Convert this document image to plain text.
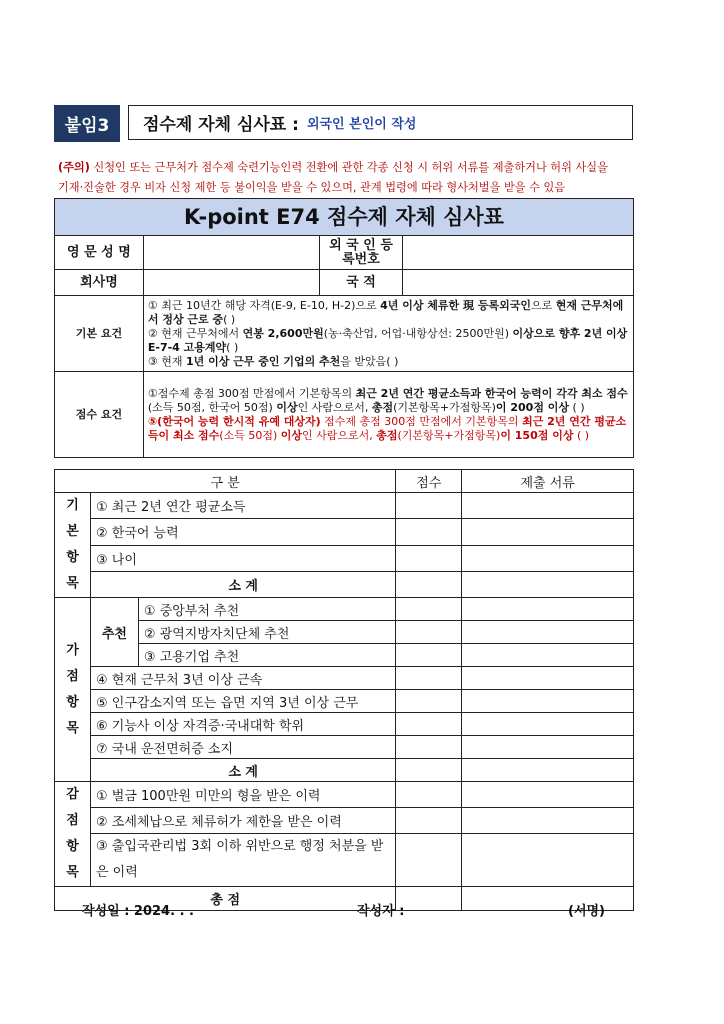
붙임3	점수제 자체 심사표 : 외국인 본인이 작성
(주의) 신청인 또는 근무처가 점수제 숙련기능인력 전환에 관한 각종 신청 시 허위 서류를 제출하거나 허위 사실을
기재·진술한 경우 비자 신청 제한 등 불이익을 받을 수 있으며, 관계 법령에 따라 형사처벌을 받을 수 있음
K-point E74 점수제 자체 심사표			
영 문 성 명		외 국 인 등록번호	
회사명		국 적	
기본 요건	① 최근 10년간 해당 자격(E-9, E-10, H-2)으로 4년 이상 체류한 現 등록외국인으로 현재 근무처에서 정상 근로 중( )
② 현재 근무처에서 연봉 2,600만원(농·축산업, 어업·내항상선: 2500만원) 이상으로 향후 2년 이상 E-7-4 고용계약( )
③ 현재 1년 이상 근무 중인 기업의 추천을 받았음( )		

점수 요건	①점수제 총점 300점 만점에서 기본항목의 최근 2년 연간 평균소득과 한국어 능력이 각각 최소 점수(소득 50점, 한국어 50점) 이상인 사람으로서, 총점(기본항목+가점항목)이 200점 이상 ( )
⑤(한국어 능력 한시적 유예 대상자) 점수제 총점 300점 만점에서 기본항목의 최근 2년 연간 평균소득이 최소 점수(소득 50점) 이상인 사람으로서, 총점(기본항목+가점항목)이 150점 이상 ( )		
구 분			점수	제출 서류

기
본
항
목	① 최근 2년 연간 평균소득			
	② 한국어 능력			
	③ 나이			
	소 계			

가
점
항
목	추천	① 중앙부처 추천		
		② 광역지방자치단체 추천		
		③ 고용기업 추천		
	④ 현재 근무처 3년 이상 근속			
	⑤ 인구감소지역 또는 읍면 지역 3년 이상 근무			
	⑥ 기능사 이상 자격증·국내대학 학위			
	⑦ 국내 운전면허증 소지			
	소 계			

감
점
항
목	① 벌금 100만원 미만의 형을 받은 이력			
	② 조세체납으로 체류허가 제한을 받은 이력			
	③ 출입국관리법 3회 이하 위반으로 행정 처분을 받은 이력			
총 점				
작성일 : 2024. . .	작성자 :	(서명)
